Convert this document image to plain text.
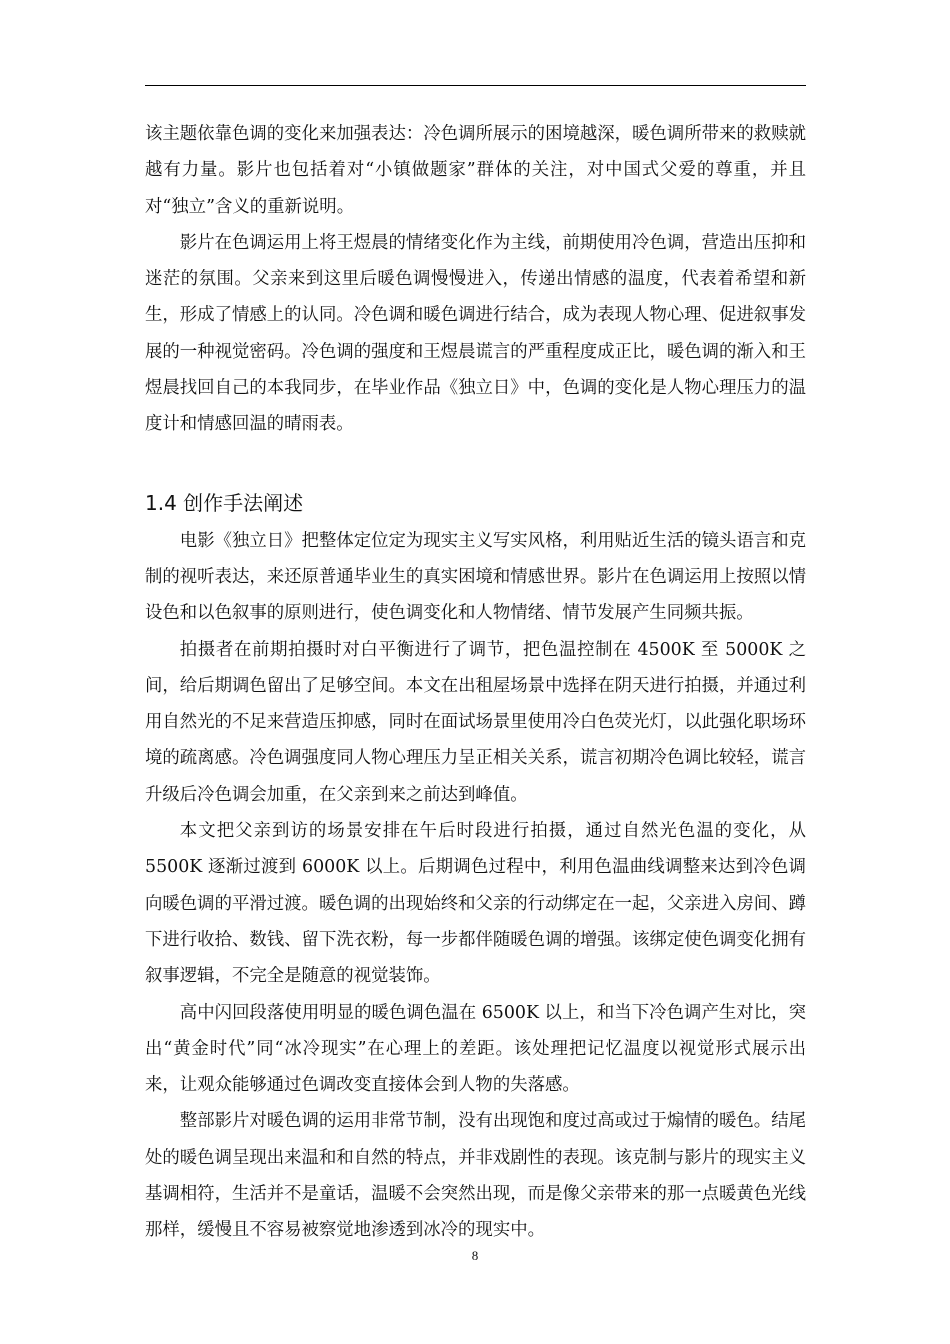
该主题依靠色调的变化来加强表达：冷色调所展示的困境越深，暖色调所带来的救赎就越有力量。影片也包括着对“小镇做题家”群体的关注，对中国式父爱的尊重，并且对“独立”含义的重新说明。

影片在色调运用上将王煜晨的情绪变化作为主线，前期使用冷色调，营造出压抑和迷茫的氛围。父亲来到这里后暖色调慢慢进入，传递出情感的温度，代表着希望和新生，形成了情感上的认同。冷色调和暖色调进行结合，成为表现人物心理、促进叙事发展的一种视觉密码。冷色调的强度和王煜晨谎言的严重程度成正比，暖色调的渐入和王煜晨找回自己的本我同步，在毕业作品《独立日》中，色调的变化是人物心理压力的温度计和情感回温的晴雨表。

1.4 创作手法阐述

电影《独立日》把整体定位定为现实主义写实风格，利用贴近生活的镜头语言和克制的视听表达，来还原普通毕业生的真实困境和情感世界。影片在色调运用上按照以情设色和以色叙事的原则进行，使色调变化和人物情绪、情节发展产生同频共振。

拍摄者在前期拍摄时对白平衡进行了调节，把色温控制在 4500K 至 5000K 之间，给后期调色留出了足够空间。本文在出租屋场景中选择在阴天进行拍摄，并通过利用自然光的不足来营造压抑感，同时在面试场景里使用冷白色荧光灯，以此强化职场环境的疏离感。冷色调强度同人物心理压力呈正相关关系，谎言初期冷色调比较轻，谎言升级后冷色调会加重，在父亲到来之前达到峰值。

本文把父亲到访的场景安排在午后时段进行拍摄，通过自然光色温的变化，从 5500K 逐渐过渡到 6000K 以上。后期调色过程中，利用色温曲线调整来达到冷色调向暖色调的平滑过渡。暖色调的出现始终和父亲的行动绑定在一起，父亲进入房间、蹲下进行收拾、数钱、留下洗衣粉，每一步都伴随暖色调的增强。该绑定使色调变化拥有叙事逻辑，不完全是随意的视觉装饰。

高中闪回段落使用明显的暖色调色温在 6500K 以上，和当下冷色调产生对比，突出“黄金时代”同“冰冷现实”在心理上的差距。该处理把记忆温度以视觉形式展示出来，让观众能够通过色调改变直接体会到人物的失落感。

整部影片对暖色调的运用非常节制，没有出现饱和度过高或过于煽情的暖色。结尾处的暖色调呈现出来温和和自然的特点，并非戏剧性的表现。该克制与影片的现实主义基调相符，生活并不是童话，温暖不会突然出现，而是像父亲带来的那一点暖黄色光线那样，缓慢且不容易被察觉地渗透到冰冷的现实中。

8
